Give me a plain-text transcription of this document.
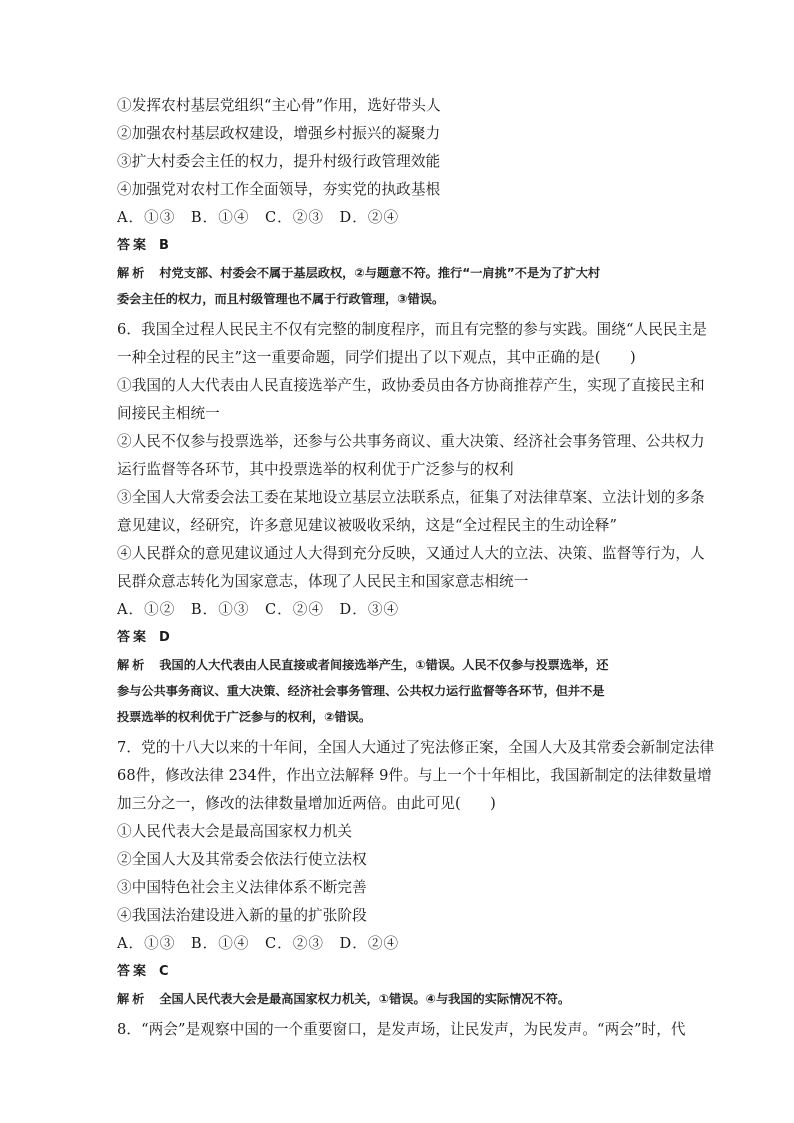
①发挥农村基层党组织“主心骨”作用，选好带头人
②加强农村基层政权建设，增强乡村振兴的凝聚力
③扩大村委会主任的权力，提升村级行政管理效能
④加强党对农村工作全面领导，夯实党的执政基根
A．①③　B．①④　C．②③　D．②④
答案 B
解析 村党支部、村委会不属于基层政权，②与题意不符。推行“一肩挑”不是为了扩大村
委会主任的权力，而且村级管理也不属于行政管理，③错误。
6．我国全过程人民民主不仅有完整的制度程序，而且有完整的参与实践。围绕“人民民主是
一种全过程的民主”这一重要命题，同学们提出了以下观点，其中正确的是(　　)
①我国的人大代表由人民直接选举产生，政协委员由各方协商推荐产生，实现了直接民主和
间接民主相统一
②人民不仅参与投票选举，还参与公共事务商议、重大决策、经济社会事务管理、公共权力
运行监督等各环节，其中投票选举的权利优于广泛参与的权利
③全国人大常委会法工委在某地设立基层立法联系点，征集了对法律草案、立法计划的多条
意见建议，经研究，许多意见建议被吸收采纳，这是“全过程民主的生动诠释”
④人民群众的意见建议通过人大得到充分反映，又通过人大的立法、决策、监督等行为，人
民群众意志转化为国家意志，体现了人民民主和国家意志相统一
A．①②　B．①③　C．②④　D．③④
答案 D
解析 我国的人大代表由人民直接或者间接选举产生，①错误。人民不仅参与投票选举，还
参与公共事务商议、重大决策、经济社会事务管理、公共权力运行监督等各环节，但并不是
投票选举的权利优于广泛参与的权利，②错误。
7．党的十八大以来的十年间，全国人大通过了宪法修正案，全国人大及其常委会新制定法律
68件，修改法律 234件，作出立法解释 9件。与上一个十年相比，我国新制定的法律数量增
加三分之一，修改的法律数量增加近两倍。由此可见(　　)
①人民代表大会是最高国家权力机关
②全国人大及其常委会依法行使立法权
③中国特色社会主义法律体系不断完善
④我国法治建设进入新的量的扩张阶段
A．①③　B．①④　C．②③　D．②④
答案 C
解析 全国人民代表大会是最高国家权力机关，①错误。④与我国的实际情况不符。
8．“两会”是观察中国的一个重要窗口，是发声场，让民发声，为民发声。“两会”时，代
